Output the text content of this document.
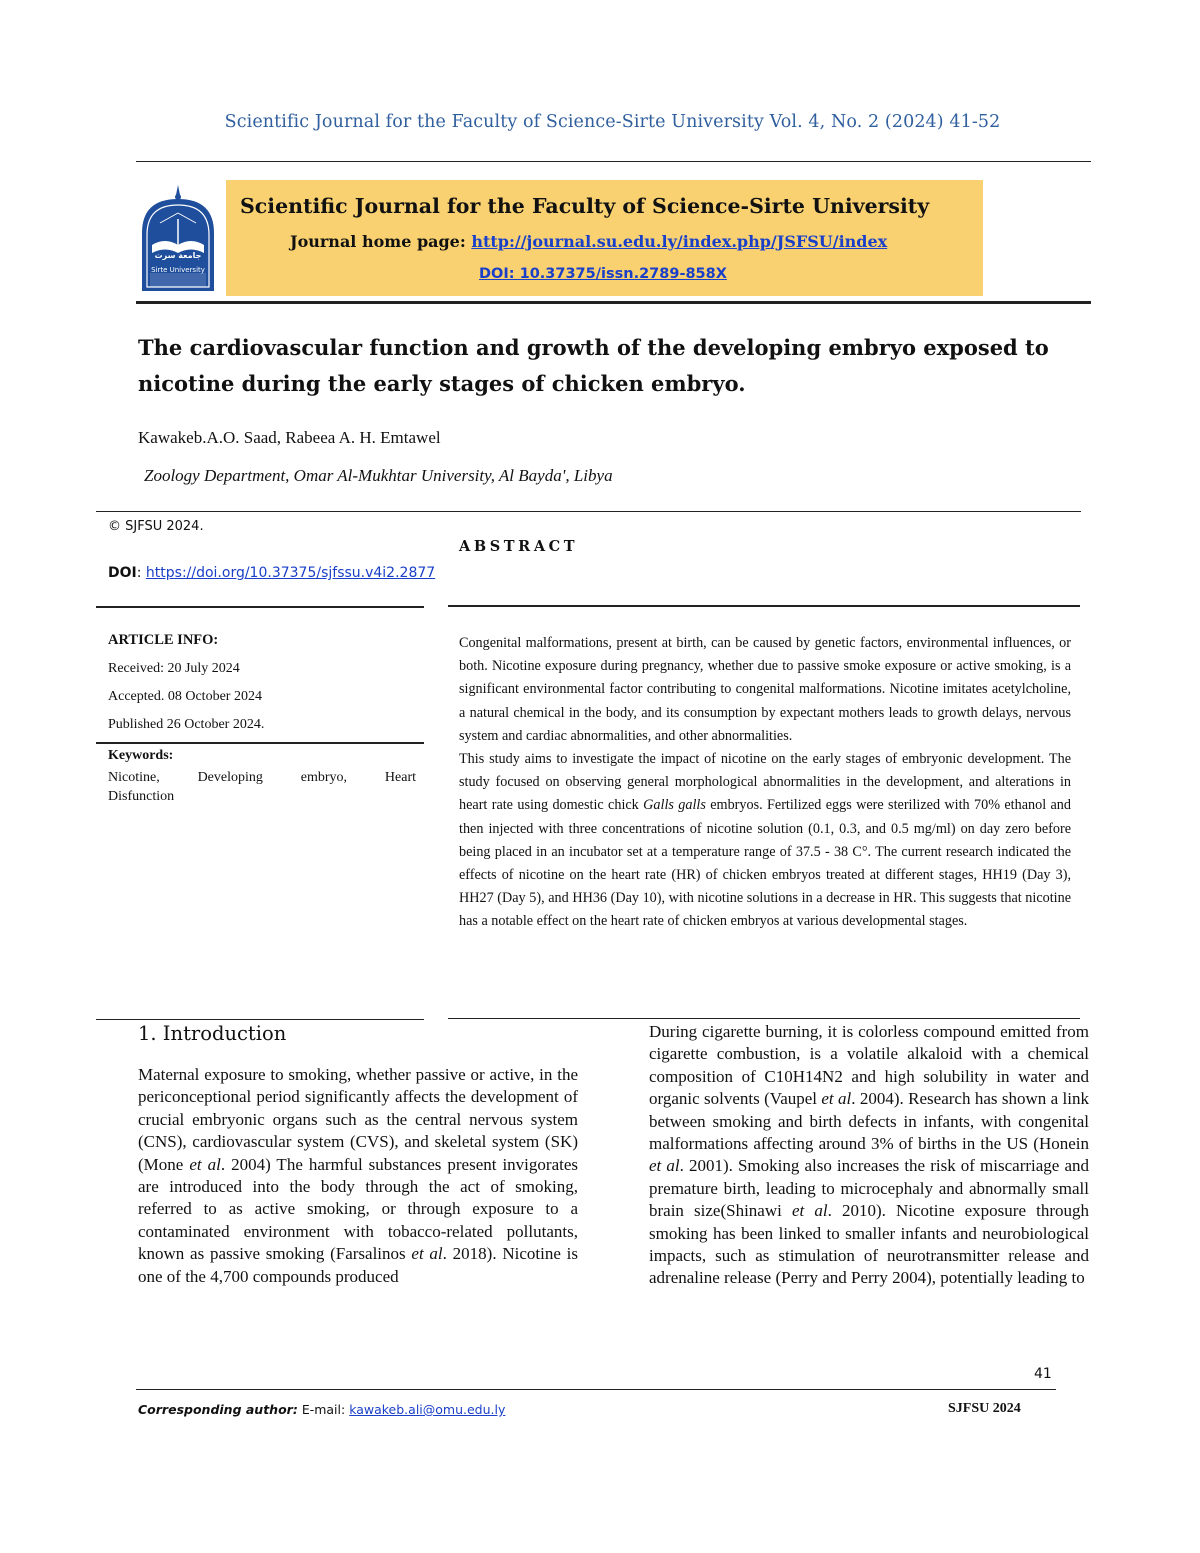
Scientific Journal for the Faculty of Science-Sirte University Vol. 4, No. 2 (2024) 41-52
جامعة سرت
Sirte University
Scientific Journal for the Faculty of Science-Sirte University
Journal home page: http://journal.su.edu.ly/index.php/JSFSU/index
DOI: 10.37375/issn.2789-858X
The cardiovascular function and growth of the developing embryo exposed to nicotine during the early stages of chicken embryo.
Kawakeb.A.O. Saad, Rabeea A. H. Emtawel
Zoology Department, Omar Al-Mukhtar University, Al Bayda', Libya
© SJFSU 2024.
DOI: https://doi.org/10.37375/sjfssu.v4i2.2877
ABSTRACT
ARTICLE INFO:
Received: 20 July 2024
Accepted. 08 October 2024
Published 26 October 2024.
Keywords:
Nicotine, Developing embryo, Heart
Disfunction

Congenital malformations, present at birth, can be caused by genetic factors, environmental influences, or both. Nicotine exposure during pregnancy, whether due to passive smoke exposure or active smoking, is a significant environmental factor contributing to congenital malformations. Nicotine imitates acetylcholine, a natural chemical in the body, and its consumption by expectant mothers leads to growth delays, nervous system and cardiac abnormalities, and other abnormalities.

This study aims to investigate the impact of nicotine on the early stages of embryonic development. The study focused on observing general morphological abnormalities in the development, and alterations in heart rate using domestic chick Galls galls embryos. Fertilized eggs were sterilized with 70% ethanol and then injected with three concentrations of nicotine solution (0.1, 0.3, and 0.5 mg/ml) on day zero before being placed in an incubator set at a temperature range of 37.5 - 38 C°. The current research indicated the effects of nicotine on the heart rate (HR) of chicken embryos treated at different stages, HH19 (Day 3), HH27 (Day 5), and HH36 (Day 10), with nicotine solutions in a decrease in HR. This suggests that nicotine has a notable effect on the heart rate of chicken embryos at various developmental stages.

1. Introduction

Maternal exposure to smoking, whether passive or active, in the periconceptional period significantly affects the development of crucial embryonic organs such as the central nervous system (CNS), cardiovascular system (CVS), and skeletal system (SK) (Mone et al. 2004) The harmful substances present invigorates are introduced into the body through the act of smoking, referred to as active smoking, or through exposure to a contaminated environment with tobacco-related pollutants, known as passive smoking (Farsalinos et al. 2018). Nicotine is one of the 4,700 compounds produced

During cigarette burning, it is colorless compound emitted from cigarette combustion, is a volatile alkaloid with a chemical composition of C10H14N2 and high solubility in water and organic solvents (Vaupel et al. 2004). Research has shown a link between smoking and birth defects in infants, with congenital malformations affecting around 3% of births in the US (Honein et al. 2001). Smoking also increases the risk of miscarriage and premature birth, leading to microcephaly and abnormally small brain size(Shinawi et al. 2010). Nicotine exposure through smoking has been linked to smaller infants and neurobiological impacts, such as stimulation of neurotransmitter release and adrenaline release (Perry and Perry 2004), potentially leading to

41
Corresponding author: E-mail: kawakeb.ali@omu.edu.ly	SJFSU 2024
